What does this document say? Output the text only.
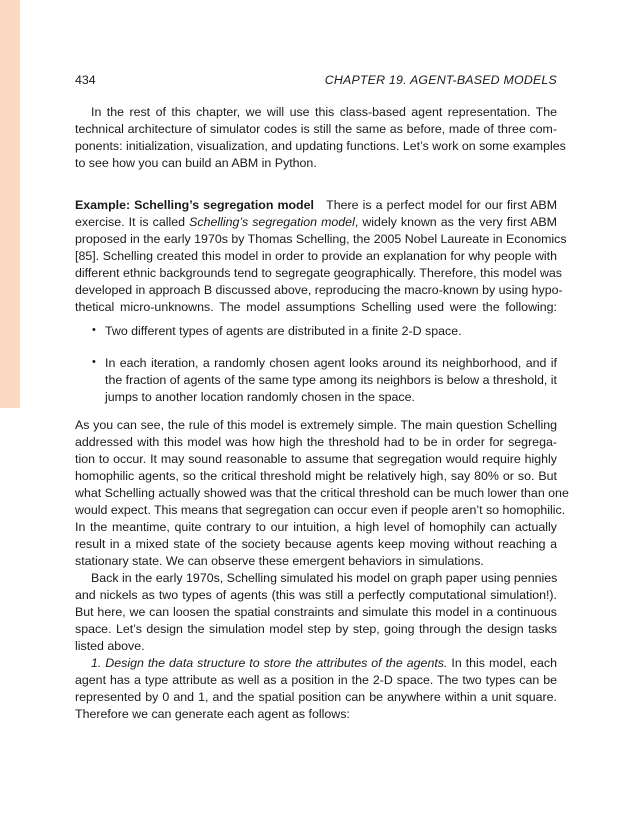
434	CHAPTER 19. AGENT-BASED MODELS
In the rest of this chapter, we will use this class-based agent representation. The
technical architecture of simulator codes is still the same as before, made of three com-
ponents: initialization, visualization, and updating functions. Let’s work on some examples
to see how you can build an ABM in Python.
Example: Schelling’s segregation model There is a perfect model for our first ABM
exercise. It is called Schelling’s segregation model, widely known as the very first ABM
proposed in the early 1970s by Thomas Schelling, the 2005 Nobel Laureate in Economics
[85]. Schelling created this model in order to provide an explanation for why people with
different ethnic backgrounds tend to segregate geographically. Therefore, this model was
developed in approach B discussed above, reproducing the macro-known by using hypo-
thetical micro-unknowns. The model assumptions Schelling used were the following:
• Two different types of agents are distributed in a finite 2-D space.
• In each iteration, a randomly chosen agent looks around its neighborhood, and if
the fraction of agents of the same type among its neighbors is below a threshold, it
jumps to another location randomly chosen in the space.
As you can see, the rule of this model is extremely simple. The main question Schelling
addressed with this model was how high the threshold had to be in order for segrega-
tion to occur. It may sound reasonable to assume that segregation would require highly
homophilic agents, so the critical threshold might be relatively high, say 80% or so. But
what Schelling actually showed was that the critical threshold can be much lower than one
would expect. This means that segregation can occur even if people aren’t so homophilic.
In the meantime, quite contrary to our intuition, a high level of homophily can actually
result in a mixed state of the society because agents keep moving without reaching a
stationary state. We can observe these emergent behaviors in simulations.
Back in the early 1970s, Schelling simulated his model on graph paper using pennies
and nickels as two types of agents (this was still a perfectly computational simulation!).
But here, we can loosen the spatial constraints and simulate this model in a continuous
space. Let’s design the simulation model step by step, going through the design tasks
listed above.
1. Design the data structure to store the attributes of the agents. In this model, each
agent has a type attribute as well as a position in the 2-D space. The two types can be
represented by 0 and 1, and the spatial position can be anywhere within a unit square.
Therefore we can generate each agent as follows:
